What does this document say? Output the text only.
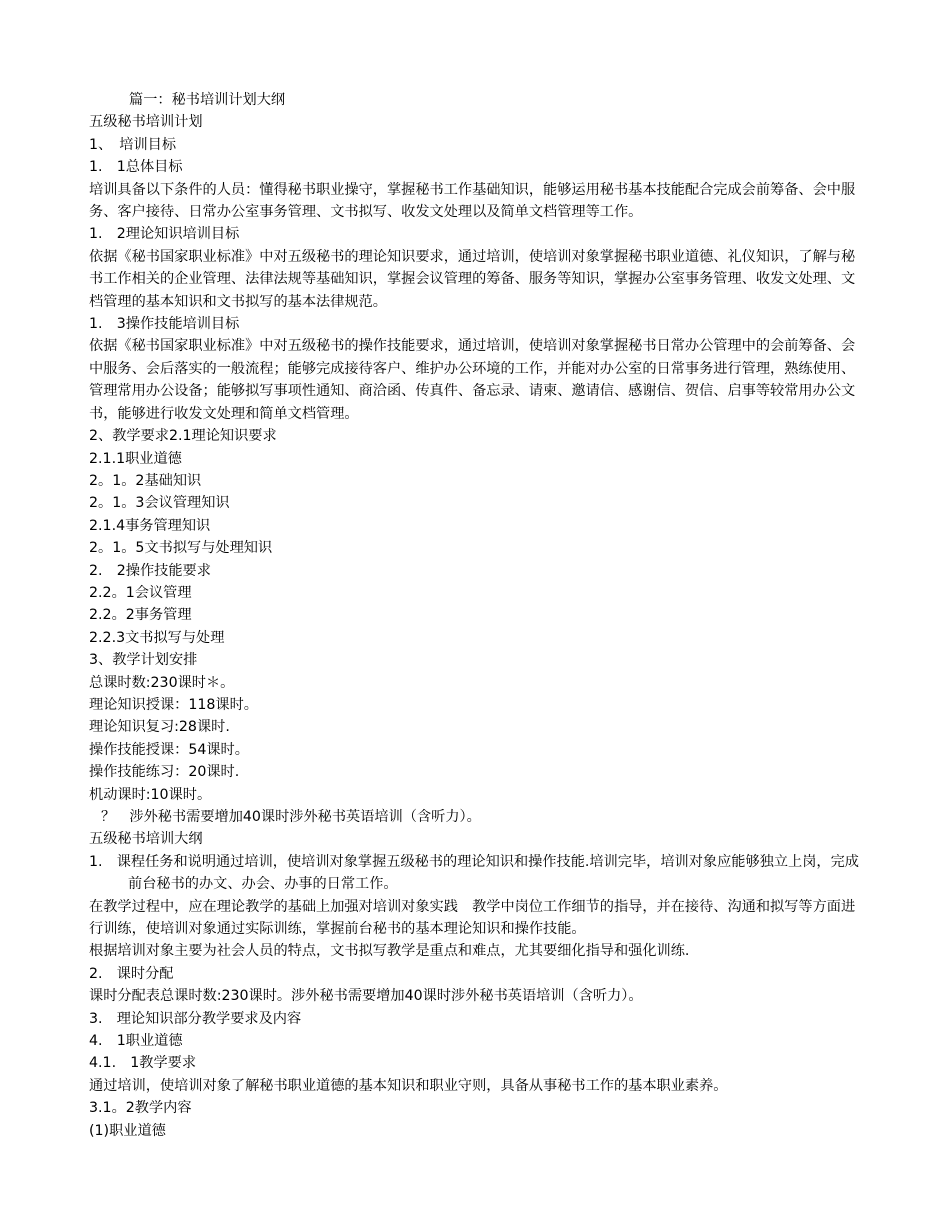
篇一：秘书培训计划大纲

五级秘书培训计划

1、　培训目标

1.　1总体目标

培训具备以下条件的人员：懂得秘书职业操守，掌握秘书工作基础知识，能够运用秘书基本技能配合完成会前筹备、会中服务、客户接待、日常办公室事务管理、文书拟写、收发文处理以及简单文档管理等工作。

1.　2理论知识培训目标

依据《秘书国家职业标准》中对五级秘书的理论知识要求，通过培训，使培训对象掌握秘书职业道德、礼仪知识，了解与秘书工作相关的企业管理、法律法规等基础知识，掌握会议管理的筹备、服务等知识，掌握办公室事务管理、收发文处理、文档管理的基本知识和文书拟写的基本法律规范。

1.　3操作技能培训目标

依据《秘书国家职业标准》中对五级秘书的操作技能要求，通过培训，使培训对象掌握秘书日常办公管理中的会前筹备、会中服务、会后落实的一般流程；能够完成接待客户、维护办公环境的工作，并能对办公室的日常事务进行管理，熟练使用、管理常用办公设备；能够拟写事项性通知、商洽函、传真件、备忘录、请柬、邀请信、感谢信、贺信、启事等较常用办公文书，能够进行收发文处理和简单文档管理。

2、教学要求2.1理论知识要求

2.1.1职业道德

2。1。2基础知识

2。1。3会议管理知识

2.1.4事务管理知识

2。1。5文书拟写与处理知识

2.　2操作技能要求

2.2。1会议管理

2.2。2事务管理

2.2.3文书拟写与处理

3、教学计划安排

总课时数:230课时＊。

理论知识授课：118课时。

理论知识复习:28课时.

操作技能授课：54课时。

操作技能练习：20课时.

机动课时:10课时。

？　涉外秘书需要增加40课时涉外秘书英语培训（含听力）。

五级秘书培训大纲

1.　课程任务和说明通过培训，使培训对象掌握五级秘书的理论知识和操作技能.培训完毕，培训对象应能够独立上岗，完成前台秘书的办文、办会、办事的日常工作。

在教学过程中，应在理论教学的基础上加强对培训对象实践　教学中岗位工作细节的指导，并在接待、沟通和拟写等方面进行训练，使培训对象通过实际训练，掌握前台秘书的基本理论知识和操作技能。

根据培训对象主要为社会人员的特点，文书拟写教学是重点和难点，尤其要细化指导和强化训练.

2.　课时分配

课时分配表总课时数:230课时。涉外秘书需要增加40课时涉外秘书英语培训（含听力）。

3.　理论知识部分教学要求及内容

4.　1职业道德

4.1.　1教学要求

通过培训，使培训对象了解秘书职业道德的基本知识和职业守则，具备从事秘书工作的基本职业素养。

3.1。2教学内容

(1)职业道德
